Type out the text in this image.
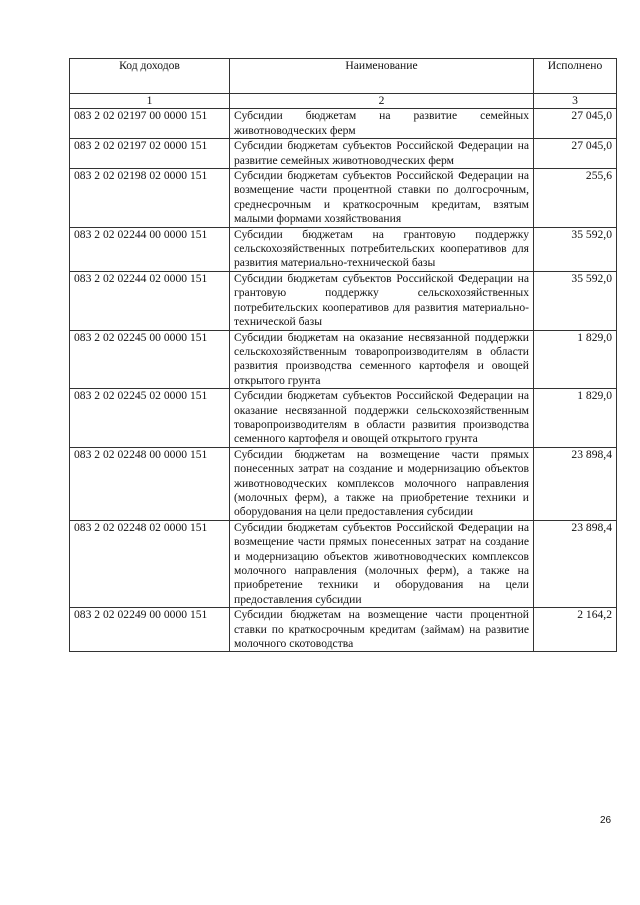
Код доходов	Наименование	Исполнено
1	2	3
083 2 02 02197 00 0000 151	Субсидии бюджетам на развитие семейных животноводческих ферм	27 045,0
083 2 02 02197 02 0000 151	Субсидии бюджетам субъектов Российской Федерации на развитие семейных животноводческих ферм	27 045,0
083 2 02 02198 02 0000 151	Субсидии бюджетам субъектов Российской Федерации на возмещение части процентной ставки по долгосрочным, среднесрочным и краткосрочным кредитам, взятым малыми формами хозяйствования	255,6
083 2 02 02244 00 0000 151	Субсидии бюджетам на грантовую поддержку сельскохозяйственных потребительских кооперативов для развития материально-технической базы	35 592,0
083 2 02 02244 02 0000 151	Субсидии бюджетам субъектов Российской Федерации на грантовую поддержку сельскохозяйственных потребительских кооперативов для развития материально-технической базы	35 592,0
083 2 02 02245 00 0000 151	Субсидии бюджетам на оказание несвязанной поддержки сельскохозяйственным товаропроизводителям в области развития производства семенного картофеля и овощей открытого грунта	1 829,0
083 2 02 02245 02 0000 151	Субсидии бюджетам субъектов Российской Федерации на оказание несвязанной поддержки сельскохозяйственным товаропроизводителям в области развития производства семенного картофеля и овощей открытого грунта	1 829,0
083 2 02 02248 00 0000 151	Субсидии бюджетам на возмещение части прямых понесенных затрат на создание и модернизацию объектов животноводческих комплексов молочного направления (молочных ферм), а также на приобретение техники и оборудования на цели предоставления субсидии	23 898,4
083 2 02 02248 02 0000 151	Субсидии бюджетам субъектов Российской Федерации на возмещение части прямых понесенных затрат на создание и модернизацию объектов животноводческих комплексов молочного направления (молочных ферм), а также на приобретение техники и оборудования на цели предоставления субсидии	23 898,4
083 2 02 02249 00 0000 151	Субсидии бюджетам на возмещение части процентной ставки по краткосрочным кредитам (займам) на развитие молочного скотоводства	2 164,2
26
